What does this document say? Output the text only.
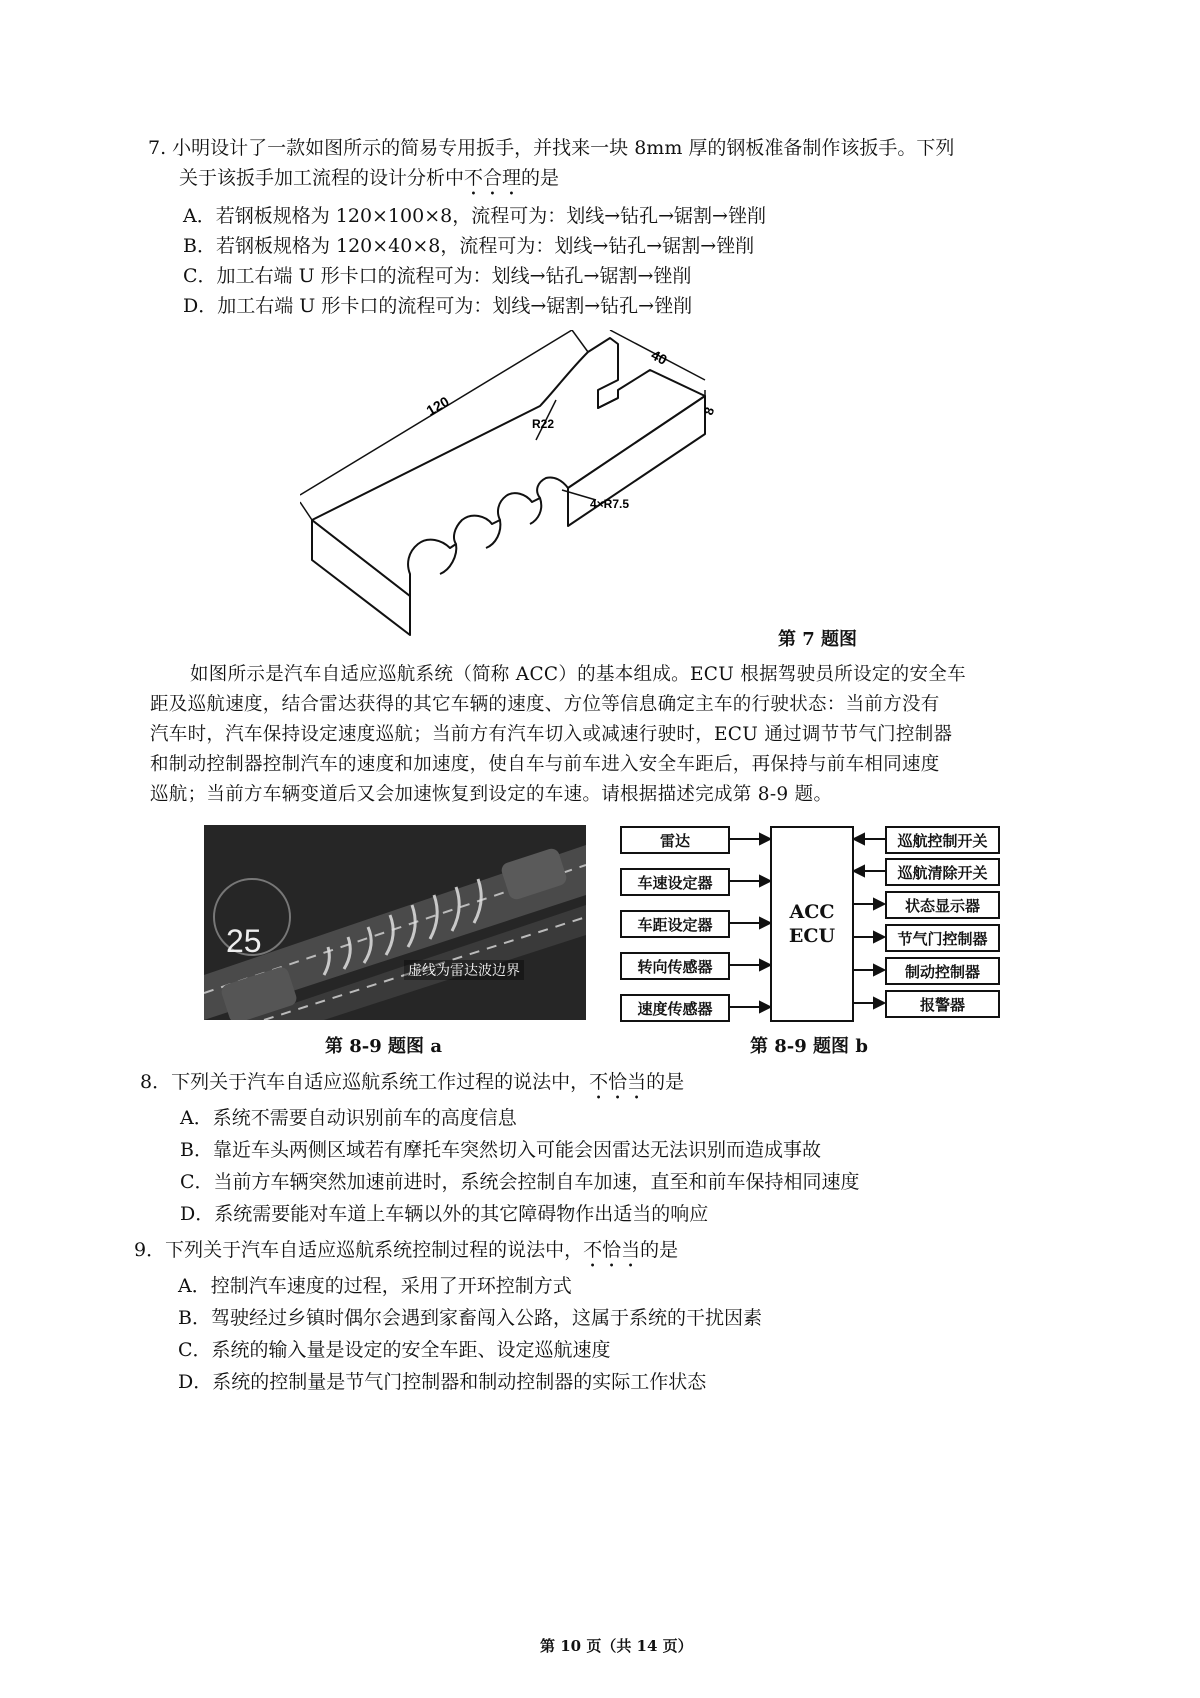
7. 小明设计了一款如图所示的简易专用扳手，并找来一块 8mm 厚的钢板准备制作该扳手。下列
关于该扳手加工流程的设计分析中不合理的是
A．若钢板规格为 120×100×8，流程可为：划线→钻孔→锯割→锉削
B．若钢板规格为 120×40×8，流程可为：划线→钻孔→锯割→锉削
C．加工右端 U 形卡口的流程可为：划线→钻孔→锯割→锉削
D．加工右端 U 形卡口的流程可为：划线→锯割→钻孔→锉削
120
40
8
R22
4×R7.5
第 7 题图
如图所示是汽车自适应巡航系统（简称 ACC）的基本组成。ECU 根据驾驶员所设定的安全车
距及巡航速度，结合雷达获得的其它车辆的速度、方位等信息确定主车的行驶状态：当前方没有
汽车时，汽车保持设定速度巡航；当前方有汽车切入或减速行驶时，ECU 通过调节节气门控制器
和制动控制器控制汽车的速度和加速度，使自车与前车进入安全车距后，再保持与前车相同速度
巡航；当前方车辆变道后又会加速恢复到设定的车速。请根据描述完成第 8-9 题。
25
虚线为雷达波边界
第 8-9 题图 a
雷达
车速设定器
车距设定器
转向传感器
速度传感器
ACC
ECU
巡航控制开关
巡航清除开关
状态显示器
节气门控制器
制动控制器
报警器
第 8-9 题图 b
8．下列关于汽车自适应巡航系统工作过程的说法中，不恰当的是
A．系统不需要自动识别前车的高度信息
B．靠近车头两侧区域若有摩托车突然切入可能会因雷达无法识别而造成事故
C．当前方车辆突然加速前进时，系统会控制自车加速，直至和前车保持相同速度
D．系统需要能对车道上车辆以外的其它障碍物作出适当的响应
9．下列关于汽车自适应巡航系统控制过程的说法中，不恰当的是
A．控制汽车速度的过程，采用了开环控制方式
B．驾驶经过乡镇时偶尔会遇到家畜闯入公路，这属于系统的干扰因素
C．系统的输入量是设定的安全车距、设定巡航速度
D．系统的控制量是节气门控制器和制动控制器的实际工作状态
第 10 页（共 14 页）
